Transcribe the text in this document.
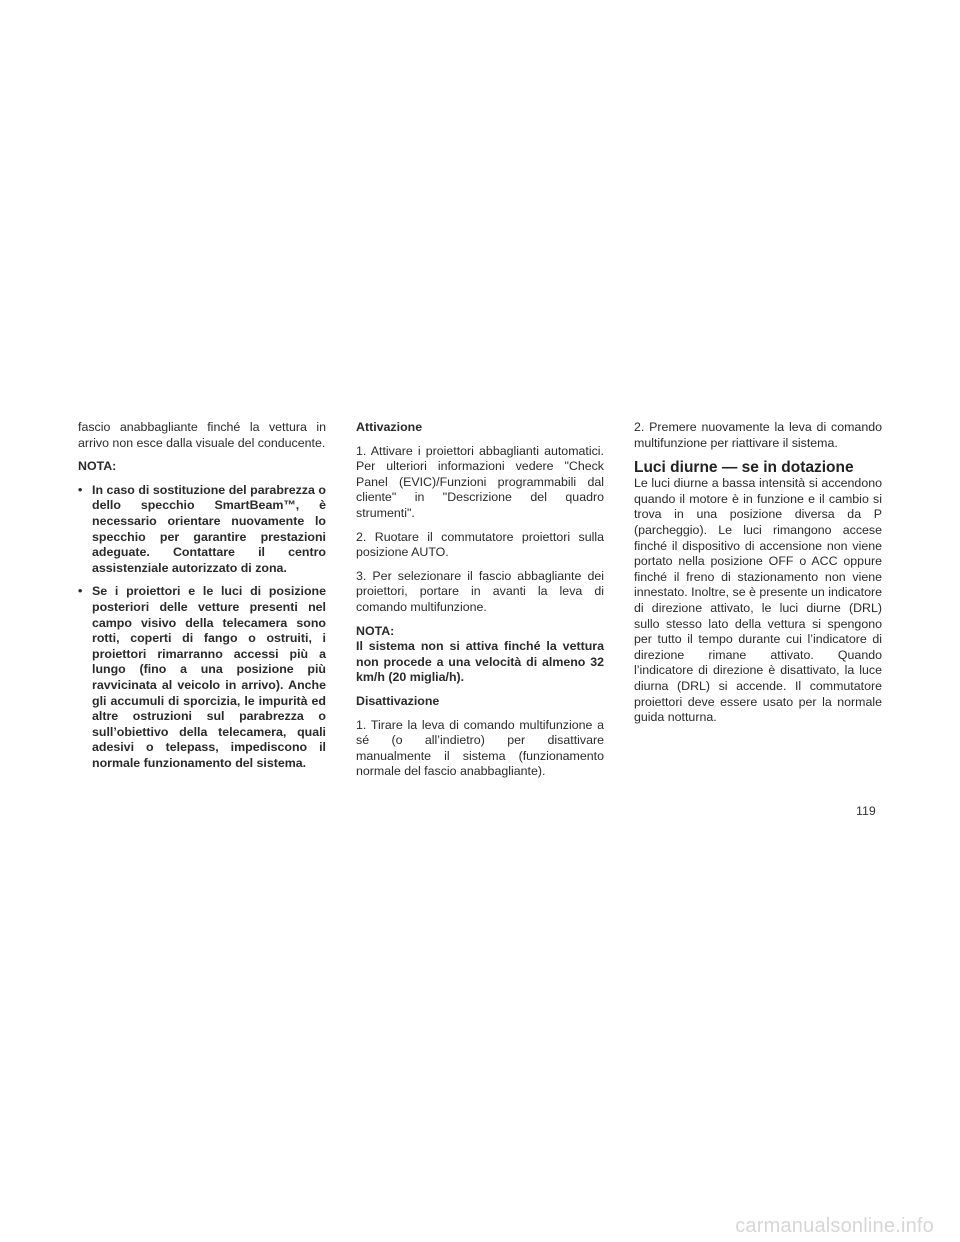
fascio anabbagliante finché la vettura in arrivo non esce dalla visuale del conducente.

NOTA:

• In caso di sostituzione del parabrezza o dello specchio SmartBeam™, è necessario orientare nuovamente lo specchio per garantire prestazioni adeguate. Contattare il centro assistenziale autorizzato di zona.
• Se i proiettori e le luci di posizione posteriori delle vetture presenti nel campo visivo della telecamera sono rotti, coperti di fango o ostruiti, i proiettori rimarranno accessi più a lungo (fino a una posizione più ravvicinata al veicolo in arrivo). Anche gli accumuli di sporcizia, le impurità ed altre ostruzioni sul parabrezza o sull’obiettivo della telecamera, quali adesivi o telepass, impediscono il normale funzionamento del sistema.

Attivazione

1. Attivare i proiettori abbaglianti automatici. Per ulteriori informazioni vedere "Check Panel (EVIC)/Funzioni programmabili dal cliente" in "Descrizione del quadro strumenti".

2. Ruotare il commutatore proiettori sulla posizione AUTO.

3. Per selezionare il fascio abbagliante dei proiettori, portare in avanti la leva di comando multifunzione.

NOTA:

Il sistema non si attiva finché la vettura non procede a una velocità di almeno 32 km/h (20 miglia/h).

Disattivazione

1. Tirare la leva di comando multifunzione a sé (o all’indietro) per disattivare manualmente il sistema (funzionamento normale del fascio anabbagliante).

2. Premere nuovamente la leva di comando multifunzione per riattivare il sistema.

Luci diurne — se in dotazione

Le luci diurne a bassa intensità si accendono quando il motore è in funzione e il cambio si trova in una posizione diversa da P (parcheggio). Le luci rimangono accese finché il dispositivo di accensione non viene portato nella posizione OFF o ACC oppure finché il freno di stazionamento non viene innestato. Inoltre, se è presente un indicatore di direzione attivato, le luci diurne (DRL) sullo stesso lato della vettura si spengono per tutto il tempo durante cui l’indicatore di direzione rimane attivato. Quando l’indicatore di direzione è disattivato, la luce diurna (DRL) si accende. Il commutatore proiettori deve essere usato per la normale guida notturna.

119
carmanualsonline.info
